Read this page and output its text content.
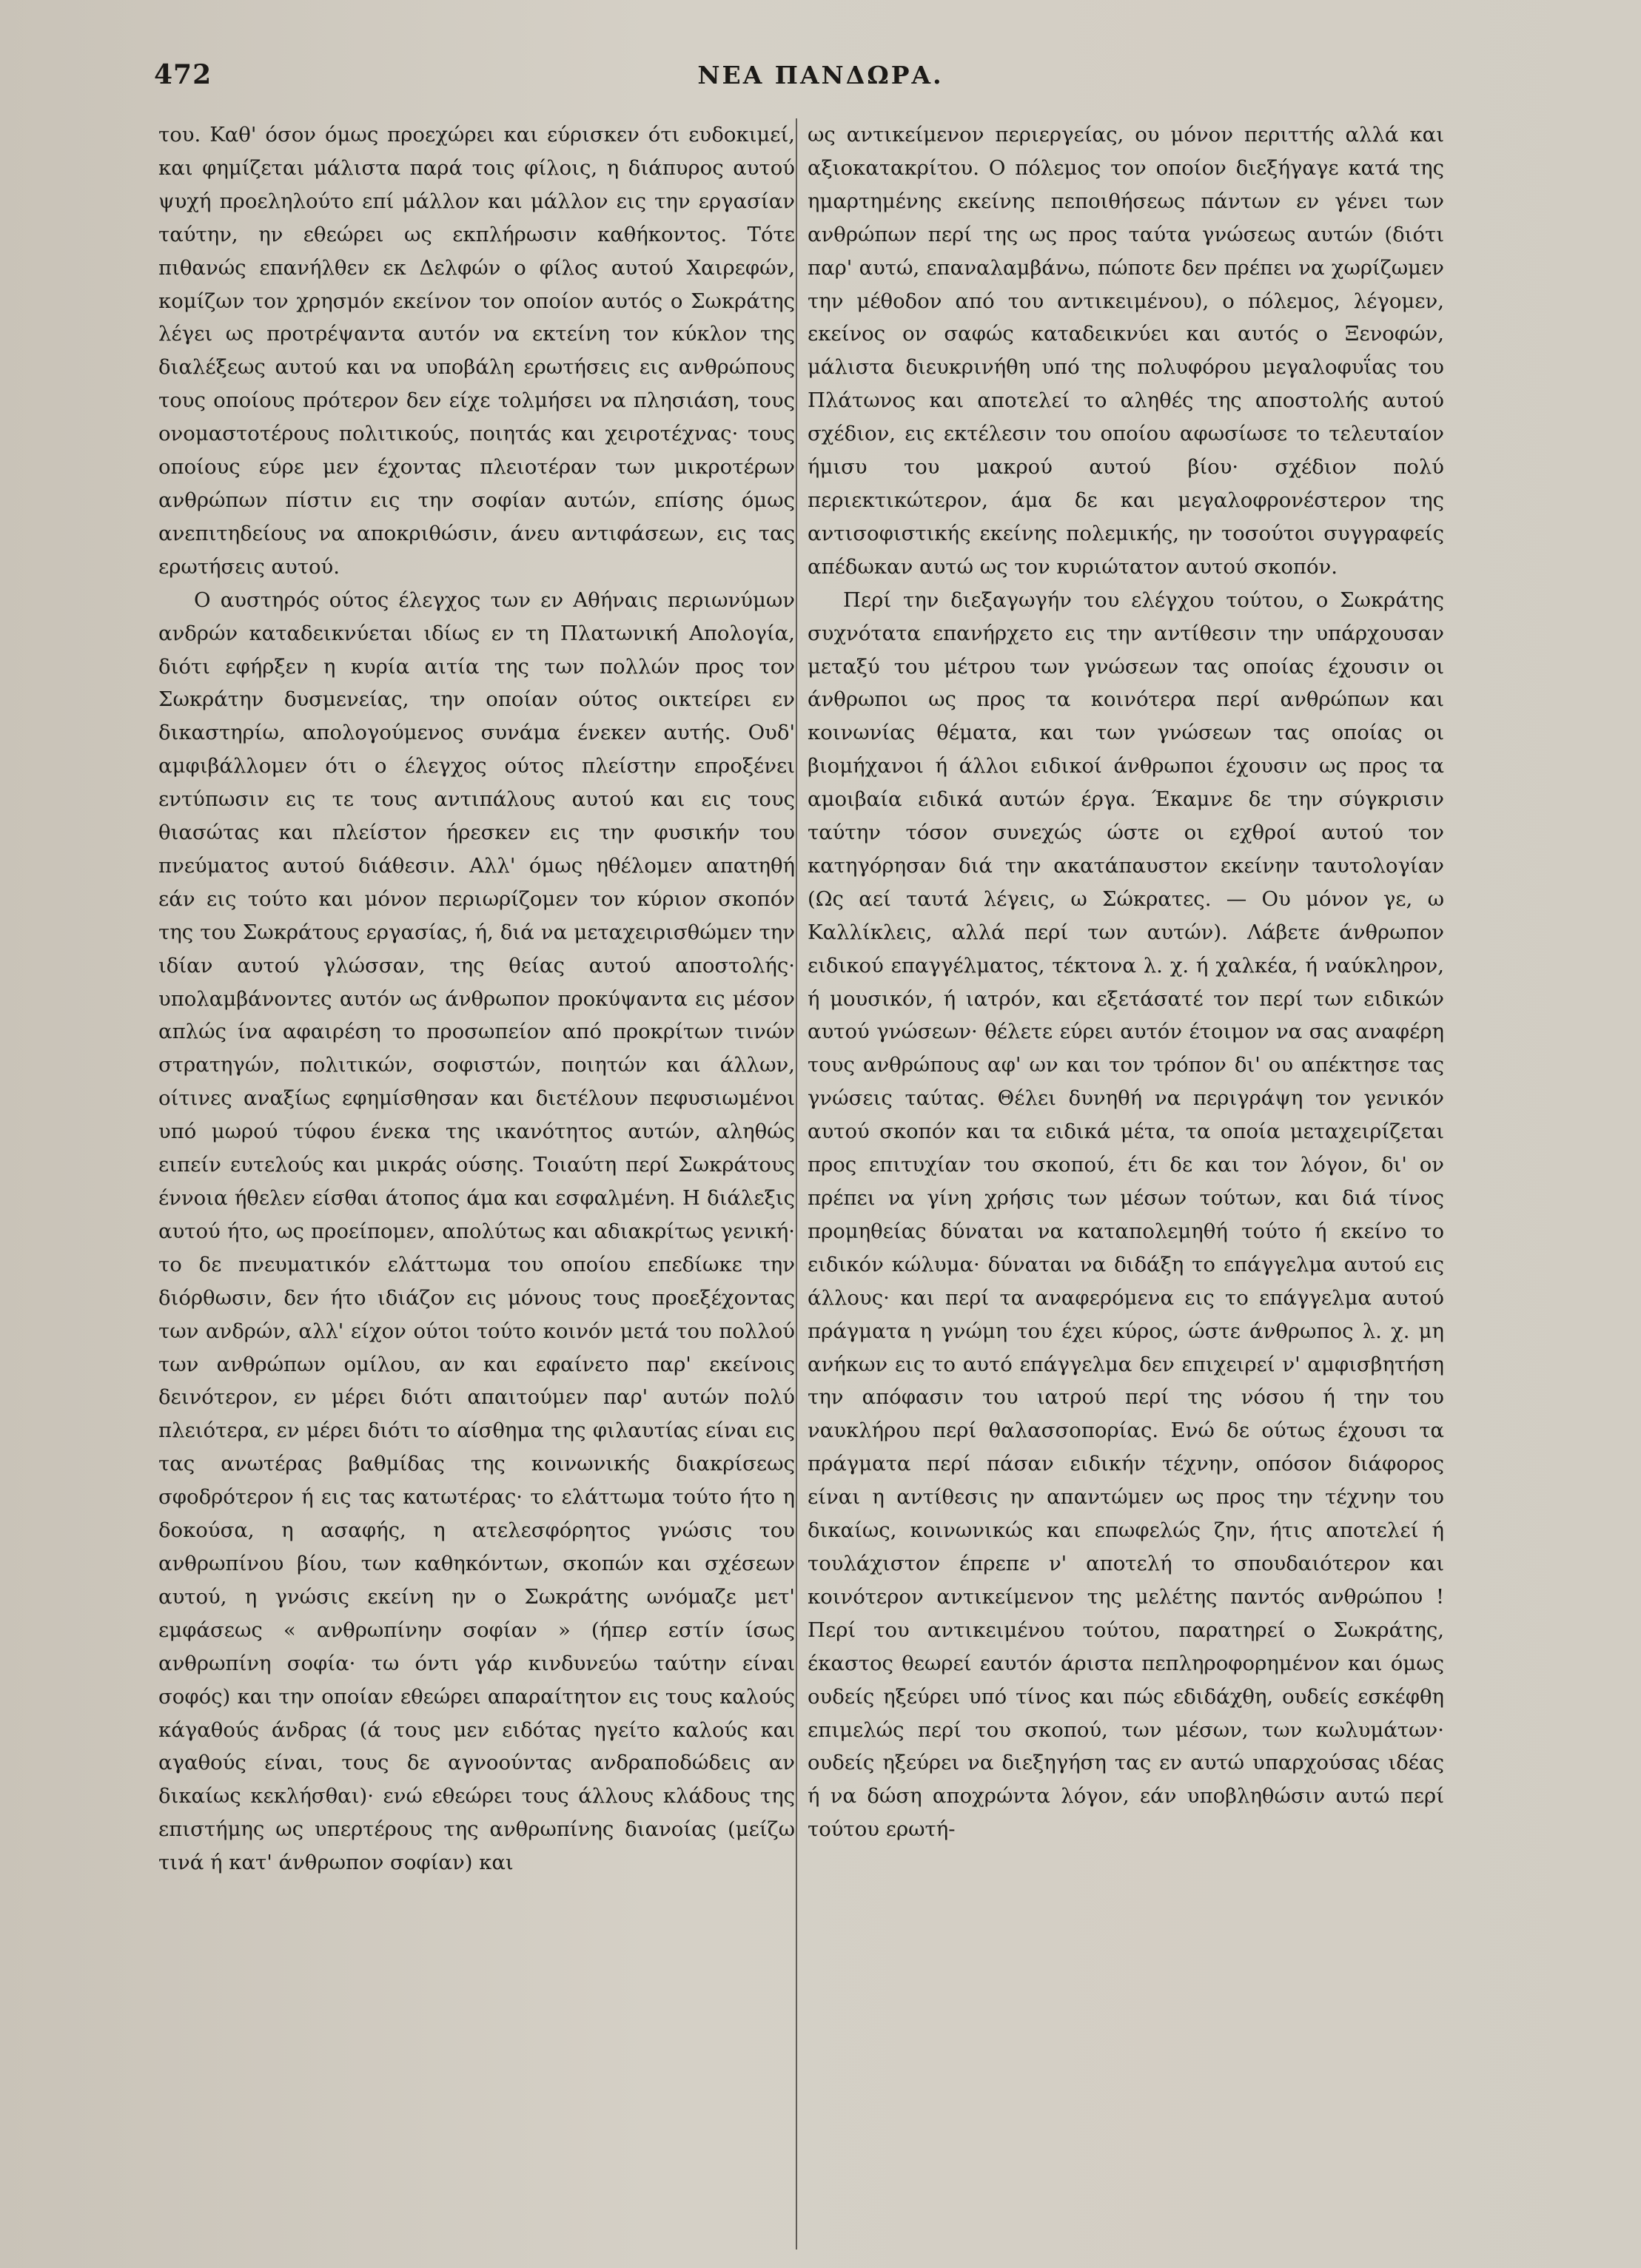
472	ΝΕΑ ΠΑΝΔΩΡΑ.

του. Καθ' όσον όμως προεχώρει και εύρισκεν ότι ευδοκιμεί, και φημίζεται μάλιστα παρά τοις φίλοις, η διάπυρος αυτού ψυχή προεληλούτο επί μάλλον και μάλλον εις την εργασίαν ταύτην, ην εθεώρει ως εκπλήρωσιν καθήκοντος. Τότε πιθανώς επανήλθεν εκ Δελφών ο φίλος αυτού Χαιρεφών, κομίζων τον χρησμόν εκείνον τον οποίον αυτός ο Σωκράτης λέγει ως προτρέψαντα αυτόν να εκτείνη τον κύκλον της διαλέξεως αυτού και να υποβάλη ερωτήσεις εις ανθρώπους τους οποίους πρότερον δεν είχε τολμήσει να πλησιάση, τους ονομαστοτέρους πολιτικούς, ποιητάς και χειροτέχνας· τους οποίους εύρε μεν έχοντας πλειοτέραν των μικροτέρων ανθρώπων πίστιν εις την σοφίαν αυτών, επίσης όμως ανεπιτηδείους να αποκριθώσιν, άνευ αντιφάσεων, εις τας ερωτήσεις αυτού.

Ο αυστηρός ούτος έλεγχος των εν Αθήναις περιωνύμων ανδρών καταδεικνύεται ιδίως εν τη Πλατωνική Απολογία, διότι εφήρξεν η κυρία αιτία της των πολλών προς τον Σωκράτην δυσμενείας, την οποίαν ούτος οικτείρει εν δικαστηρίω, απολογούμενος συνάμα ένεκεν αυτής. Ουδ' αμφιβάλλομεν ότι ο έλεγχος ούτος πλείστην επροξένει εντύπωσιν εις τε τους αντιπάλους αυτού και εις τους θιασώτας και πλείστον ήρεσκεν εις την φυσικήν του πνεύματος αυτού διάθεσιν. Αλλ' όμως ηθέλομεν απατηθή εάν εις τούτο και μόνον περιωρίζομεν τον κύριον σκοπόν της του Σωκράτους εργασίας, ή, διά να μεταχειρισθώμεν την ιδίαν αυτού γλώσσαν, της θείας αυτού αποστολής· υπολαμβάνοντες αυτόν ως άνθρωπον προκύψαντα εις μέσον απλώς ίνα αφαιρέση το προσωπείον από προκρίτων τινών στρατηγών, πολιτικών, σοφιστών, ποιητών και άλλων, οίτινες αναξίως εφημίσθησαν και διετέλουν πεφυσιωμένοι υπό μωρού τύφου ένεκα της ικανότητος αυτών, αληθώς ειπείν ευτελούς και μικράς ούσης. Τοιαύτη περί Σωκράτους έννοια ήθελεν είσθαι άτοπος άμα και εσφαλμένη. Η διάλεξις αυτού ήτο, ως προείπομεν, απολύτως και αδιακρίτως γενική· το δε πνευματικόν ελάττωμα του οποίου επεδίωκε την διόρθωσιν, δεν ήτο ιδιάζον εις μόνους τους προεξέχοντας των ανδρών, αλλ' είχον ούτοι τούτο κοινόν μετά του πολλού των ανθρώπων ομίλου, αν και εφαίνετο παρ' εκείνοις δεινότερον, εν μέρει διότι απαιτούμεν παρ' αυτών πολύ πλειότερα, εν μέρει διότι το αίσθημα της φιλαυτίας είναι εις τας ανωτέρας βαθμίδας της κοινωνικής διακρίσεως σφοδρότερον ή εις τας κατωτέρας· το ελάττωμα τούτο ήτο η δοκούσα, η ασαφής, η ατελεσφόρητος γνώσις του ανθρωπίνου βίου, των καθηκόντων, σκοπών και σχέσεων αυτού, η γνώσις εκείνη ην ο Σωκράτης ωνόμαζε μετ' εμφάσεως « ανθρωπίνην σοφίαν » (ήπερ εστίν ίσως ανθρωπίνη σοφία· τω όντι γάρ κινδυνεύω ταύτην είναι σοφός) και την οποίαν εθεώρει απαραίτητον εις τους καλούς κάγαθούς άνδρας (ά τους μεν ειδότας ηγείτο καλούς και αγαθούς είναι, τους δε αγνοούντας ανδραποδώδεις αν δικαίως κεκλήσθαι)· ενώ εθεώρει τους άλλους κλάδους της επιστήμης ως υπερτέρους της ανθρωπίνης διανοίας (μείζω τινά ή κατ' άνθρωπον σοφίαν) και

ως αντικείμενον περιεργείας, ου μόνον περιττής αλλά και αξιοκατακρίτου. Ο πόλεμος τον οποίον διεξήγαγε κατά της ημαρτημένης εκείνης πεποιθήσεως πάντων εν γένει των ανθρώπων περί της ως προς ταύτα γνώσεως αυτών (διότι παρ' αυτώ, επαναλαμβάνω, πώποτε δεν πρέπει να χωρίζωμεν την μέθοδον από του αντικειμένου), ο πόλεμος, λέγομεν, εκείνος ον σαφώς καταδεικνύει και αυτός ο Ξενοφών, μάλιστα διευκρινήθη υπό της πολυφόρου μεγαλοφυΐας του Πλάτωνος και αποτελεί το αληθές της αποστολής αυτού σχέδιον, εις εκτέλεσιν του οποίου αφωσίωσε το τελευταίον ήμισυ του μακρού αυτού βίου· σχέδιον πολύ περιεκτικώτερον, άμα δε και μεγαλοφρονέστερον της αντισοφιστικής εκείνης πολεμικής, ην τοσούτοι συγγραφείς απέδωκαν αυτώ ως τον κυριώτατον αυτού σκοπόν.

Περί την διεξαγωγήν του ελέγχου τούτου, ο Σωκράτης συχνότατα επανήρχετο εις την αντίθεσιν την υπάρχουσαν μεταξύ του μέτρου των γνώσεων τας οποίας έχουσιν οι άνθρωποι ως προς τα κοινότερα περί ανθρώπων και κοινωνίας θέματα, και των γνώσεων τας οποίας οι βιομήχανοι ή άλλοι ειδικοί άνθρωποι έχουσιν ως προς τα αμοιβαία ειδικά αυτών έργα. Έκαμνε δε την σύγκρισιν ταύτην τόσον συνεχώς ώστε οι εχθροί αυτού τον κατηγόρησαν διά την ακατάπαυστον εκείνην ταυτολογίαν (Ως αεί ταυτά λέγεις, ω Σώκρατες. — Ου μόνον γε, ω Καλλίκλεις, αλλά περί των αυτών). Λάβετε άνθρωπον ειδικού επαγγέλματος, τέκτονα λ. χ. ή χαλκέα, ή ναύκληρον, ή μουσικόν, ή ιατρόν, και εξετάσατέ τον περί των ειδικών αυτού γνώσεων· θέλετε εύρει αυτόν έτοιμον να σας αναφέρη τους ανθρώπους αφ' ων και τον τρόπον δι' ου απέκτησε τας γνώσεις ταύτας. Θέλει δυνηθή να περιγράψη τον γενικόν αυτού σκοπόν και τα ειδικά μέτα, τα οποία μεταχειρίζεται προς επιτυχίαν του σκοπού, έτι δε και τον λόγον, δι' ον πρέπει να γίνη χρήσις των μέσων τούτων, και διά τίνος προμηθείας δύναται να καταπολεμηθή τούτο ή εκείνο το ειδικόν κώλυμα· δύναται να διδάξη το επάγγελμα αυτού εις άλλους· και περί τα αναφερόμενα εις το επάγγελμα αυτού πράγματα η γνώμη του έχει κύρος, ώστε άνθρωπος λ. χ. μη ανήκων εις το αυτό επάγγελμα δεν επιχειρεί ν' αμφισβητήση την απόφασιν του ιατρού περί της νόσου ή την του ναυκλήρου περί θαλασσοπορίας. Ενώ δε ούτως έχουσι τα πράγματα περί πάσαν ειδικήν τέχνην, οπόσον διάφορος είναι η αντίθεσις ην απαντώμεν ως προς την τέχνην του δικαίως, κοινωνικώς και επωφελώς ζην, ήτις αποτελεί ή τουλάχιστον έπρεπε ν' αποτελή το σπουδαιότερον και κοινότερον αντικείμενον της μελέτης παντός ανθρώπου ! Περί του αντικειμένου τούτου, παρατηρεί ο Σωκράτης, έκαστος θεωρεί εαυτόν άριστα πεπληροφορημένον και όμως ουδείς ηξεύρει υπό τίνος και πώς εδιδάχθη, ουδείς εσκέφθη επιμελώς περί του σκοπού, των μέσων, των κωλυμάτων· ουδείς ηξεύρει να διεξηγήση τας εν αυτώ υπαρχούσας ιδέας ή να δώση αποχρώντα λόγον, εάν υποβληθώσιν αυτώ περί τούτου ερωτή-
